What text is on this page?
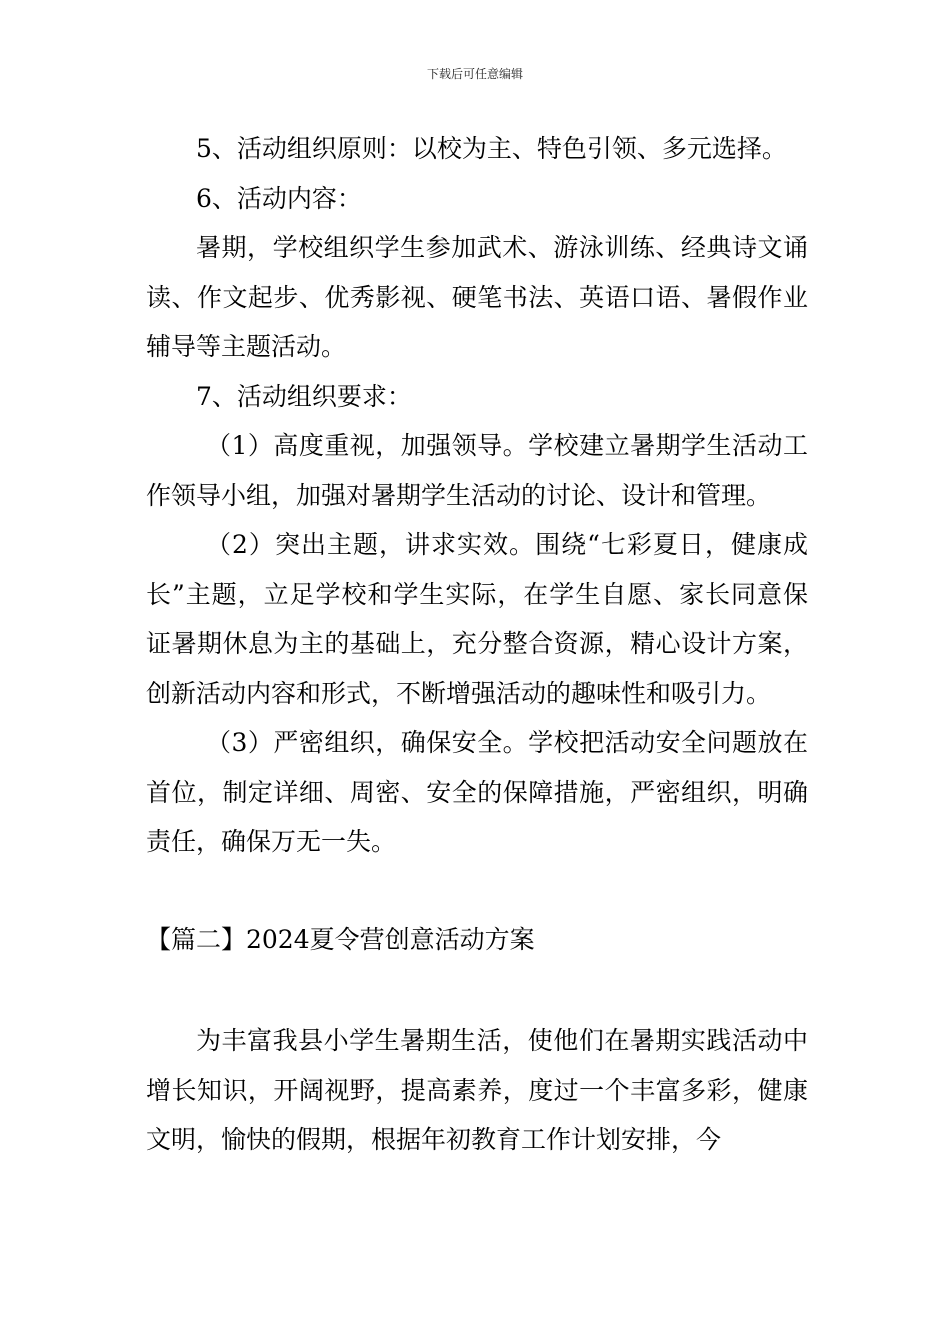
下载后可任意编辑

5、活动组织原则：以校为主、特色引领、多元选择。

6、活动内容：

暑期，学校组织学生参加武术、游泳训练、经典诗文诵读、作文起步、优秀影视、硬笔书法、英语口语、暑假作业辅导等主题活动。

7、活动组织要求：

（1）高度重视，加强领导。学校建立暑期学生活动工作领导小组，加强对暑期学生活动的讨论、设计和管理。

（2）突出主题，讲求实效。围绕“七彩夏日，健康成长”主题，立足学校和学生实际，在学生自愿、家长同意保证暑期休息为主的基础上，充分整合资源，精心设计方案，创新活动内容和形式，不断增强活动的趣味性和吸引力。

（3）严密组织，确保安全。学校把活动安全问题放在首位，制定详细、周密、安全的保障措施，严密组织，明确责任，确保万无一失。

【篇二】2024夏令营创意活动方案

为丰富我县小学生暑期生活，使他们在暑期实践活动中增长知识，开阔视野，提高素养，度过一个丰富多彩，健康文明，愉快的假期，根据年初教育工作计划安排，今
